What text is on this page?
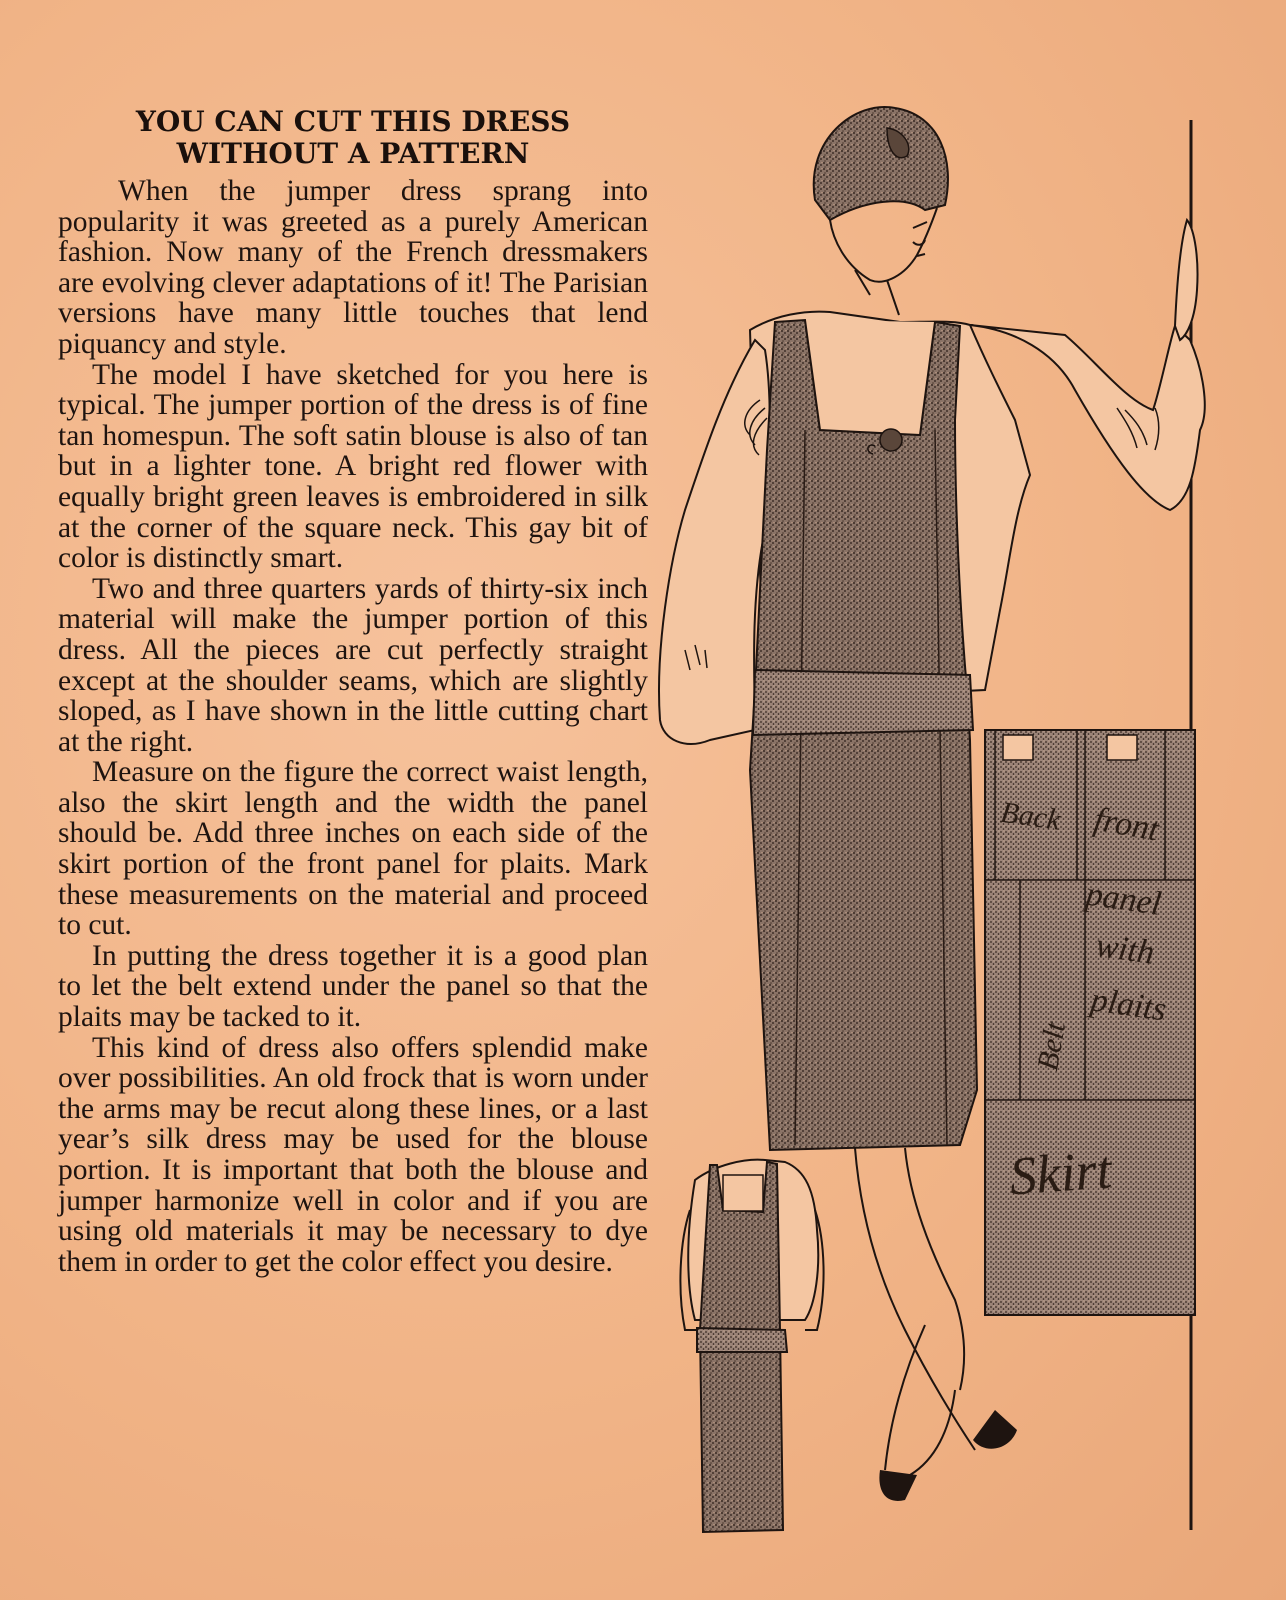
YOU CAN CUT THIS DRESS
WITHOUT A PATTERN

When the jumper dress sprang into popularity it was greeted as a purely American fashion. Now many of the French dressmakers are evolving clever adaptations of it! The Parisian versions have many little touches that lend piquancy and style.

The model I have sketched for you here is typical. The jumper portion of the dress is of fine tan homespun. The soft satin blouse is also of tan but in a lighter tone. A bright red flower with equally bright green leaves is embroidered in silk at the corner of the square neck. This gay bit of color is distinctly smart.

Two and three quarters yards of thirty-six inch material will make the jumper portion of this dress. All the pieces are cut perfectly straight except at the shoulder seams, which are slightly sloped, as I have shown in the little cutting chart at the right.

Measure on the figure the correct waist length, also the skirt length and the width the panel should be. Add three inches on each side of the skirt portion of the front panel for plaits. Mark these measurements on the material and proceed to cut.

In putting the dress together it is a good plan to let the belt extend under the panel so that the plaits may be tacked to it.

This kind of dress also offers splendid make over possibilities. An old frock that is worn under the arms may be recut along these lines, or a last year’s silk dress may be used for the blouse portion. It is important that both the blouse and jumper harmonize well in color and if you are using old materials it may be necessary to dye them in order to get the color effect you desire.

Back front
panel
with
plaits
Belt
Skirt
